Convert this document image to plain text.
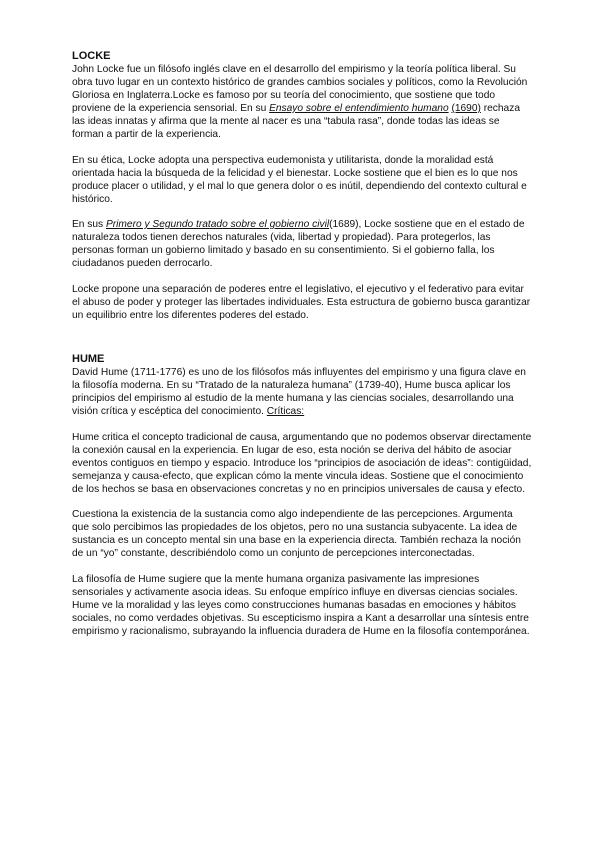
LOCKE

John Locke fue un filósofo inglés clave en el desarrollo del empirismo y la teoría política liberal. Su obra tuvo lugar en un contexto histórico de grandes cambios sociales y políticos, como la Revolución Gloriosa en Inglaterra.Locke es famoso por su teoría del conocimiento, que sostiene que todo proviene de la experiencia sensorial. En su Ensayo sobre el entendimiento humano (1690) rechaza las ideas innatas y afirma que la mente al nacer es una “tabula rasa”, donde todas las ideas se forman a partir de la experiencia.

En su ética, Locke adopta una perspectiva eudemonista y utilitarista, donde la moralidad está orientada hacia la búsqueda de la felicidad y el bienestar. Locke sostiene que el bien es lo que nos produce placer o utilidad, y el mal lo que genera dolor o es inútil, dependiendo del contexto cultural e histórico.

En sus Primero y Segundo tratado sobre el gobierno civil(1689), Locke sostiene que en el estado de naturaleza todos tienen derechos naturales (vida, libertad y propiedad). Para protegerlos, las personas forman un gobierno limitado y basado en su consentimiento. Si el gobierno falla, los ciudadanos pueden derrocarlo.

Locke propone una separación de poderes entre el legislativo, el ejecutivo y el federativo para evitar el abuso de poder y proteger las libertades individuales. Esta estructura de gobierno busca garantizar un equilibrio entre los diferentes poderes del estado.

HUME

David Hume (1711-1776) es uno de los filósofos más influyentes del empirismo y una figura clave en la filosofía moderna. En su “Tratado de la naturaleza humana” (1739-40), Hume busca aplicar los principios del empirismo al estudio de la mente humana y las ciencias sociales, desarrollando una visión crítica y escéptica del conocimiento. Críticas:

Hume critica el concepto tradicional de causa, argumentando que no podemos observar directamente la conexión causal en la experiencia. En lugar de eso, esta noción se deriva del hábito de asociar eventos contiguos en tiempo y espacio. Introduce los “principios de asociación de ideas”: contigüidad, semejanza y causa-efecto, que explican cómo la mente vincula ideas. Sostiene que el conocimiento de los hechos se basa en observaciones concretas y no en principios universales de causa y efecto.

Cuestiona la existencia de la sustancia como algo independiente de las percepciones. Argumenta que solo percibimos las propiedades de los objetos, pero no una sustancia subyacente. La idea de sustancia es un concepto mental sin una base en la experiencia directa. También rechaza la noción de un “yo” constante, describiéndolo como un conjunto de percepciones interconectadas.

La filosofía de Hume sugiere que la mente humana organiza pasivamente las impresiones sensoriales y activamente asocia ideas. Su enfoque empírico influye en diversas ciencias sociales. Hume ve la moralidad y las leyes como construcciones humanas basadas en emociones y hábitos sociales, no como verdades objetivas. Su escepticismo inspira a Kant a desarrollar una síntesis entre empirismo y racionalismo, subrayando la influencia duradera de Hume en la filosofía contemporánea.
